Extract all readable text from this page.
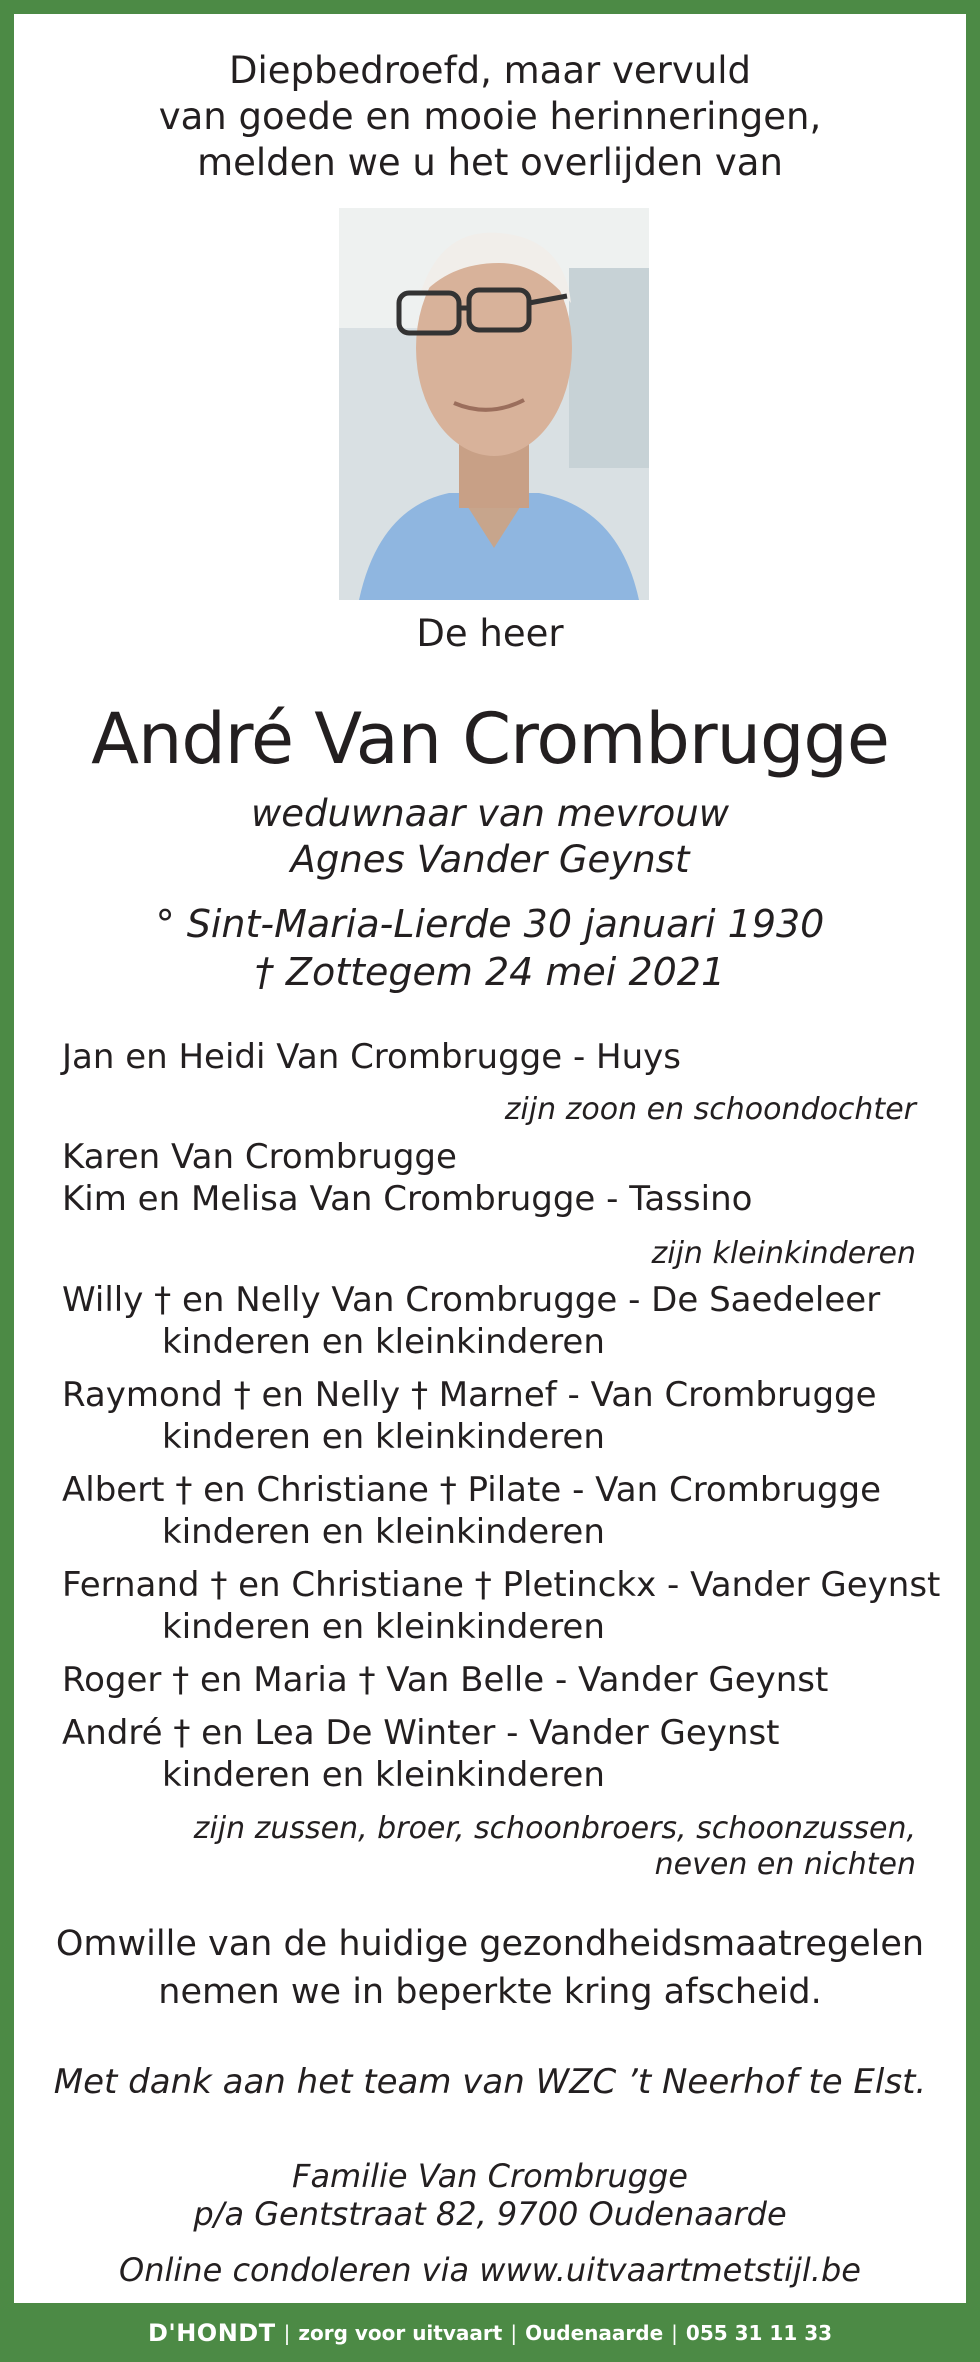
Diepbedroefd, maar vervuld
van goede en mooie herinneringen,
melden we u het overlijden van
De heer
André Van Crombrugge
weduwnaar van mevrouw
Agnes Vander Geynst
° Sint-Maria-Lierde 30 januari 1930
† Zottegem 24 mei 2021
Jan en Heidi Van Crombrugge - Huys
zijn zoon en schoondochter
Karen Van Crombrugge
Kim en Melisa Van Crombrugge - Tassino
zijn kleinkinderen
Willy † en Nelly Van Crombrugge - De Saedeleer
kinderen en kleinkinderen
Raymond † en Nelly † Marnef - Van Crombrugge
kinderen en kleinkinderen
Albert † en Christiane † Pilate - Van Crombrugge
kinderen en kleinkinderen
Fernand † en Christiane † Pletinckx - Vander Geynst
kinderen en kleinkinderen
Roger † en Maria † Van Belle - Vander Geynst
André † en Lea De Winter - Vander Geynst
kinderen en kleinkinderen
zijn zussen, broer, schoonbroers, schoonzussen,
neven en nichten
Omwille van de huidige gezondheidsmaatregelen
nemen we in beperkte kring afscheid.
Met dank aan het team van WZC ’t Neerhof te Elst.
Familie Van Crombrugge
p/a Gentstraat 82, 9700 Oudenaarde
Online condoleren via www.uitvaartmetstijl.be
D'HONDT | zorg voor uitvaart | Oudenaarde | 055 31 11 33
